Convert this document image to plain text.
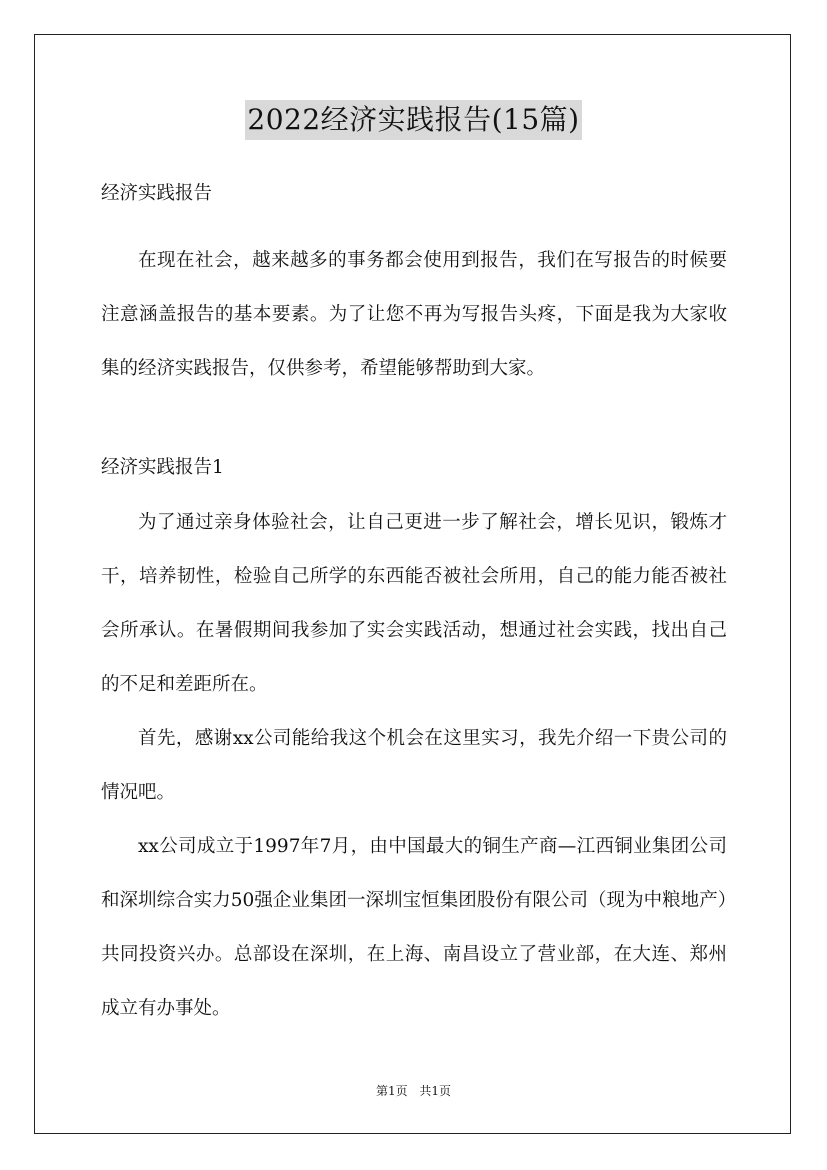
2022经济实践报告(15篇)

经济实践报告

在现在社会，越来越多的事务都会使用到报告，我们在写报告的时候要注意涵盖报告的基本要素。为了让您不再为写报告头疼，下面是我为大家收集的经济实践报告，仅供参考，希望能够帮助到大家。

经济实践报告1

为了通过亲身体验社会，让自己更进一步了解社会，增长见识，锻炼才干，培养韧性，检验自己所学的东西能否被社会所用，自己的能力能否被社会所承认。在暑假期间我参加了实会实践活动，想通过社会实践，找出自己的不足和差距所在。

首先，感谢xx公司能给我这个机会在这里实习，我先介绍一下贵公司的情况吧。

xx公司成立于1997年7月，由中国最大的铜生产商—江西铜业集团公司和深圳综合实力50强企业集团一深圳宝恒集团股份有限公司（现为中粮地产）共同投资兴办。总部设在深圳，在上海、南昌设立了营业部，在大连、郑州成立有办事处。

第1页 共1页
